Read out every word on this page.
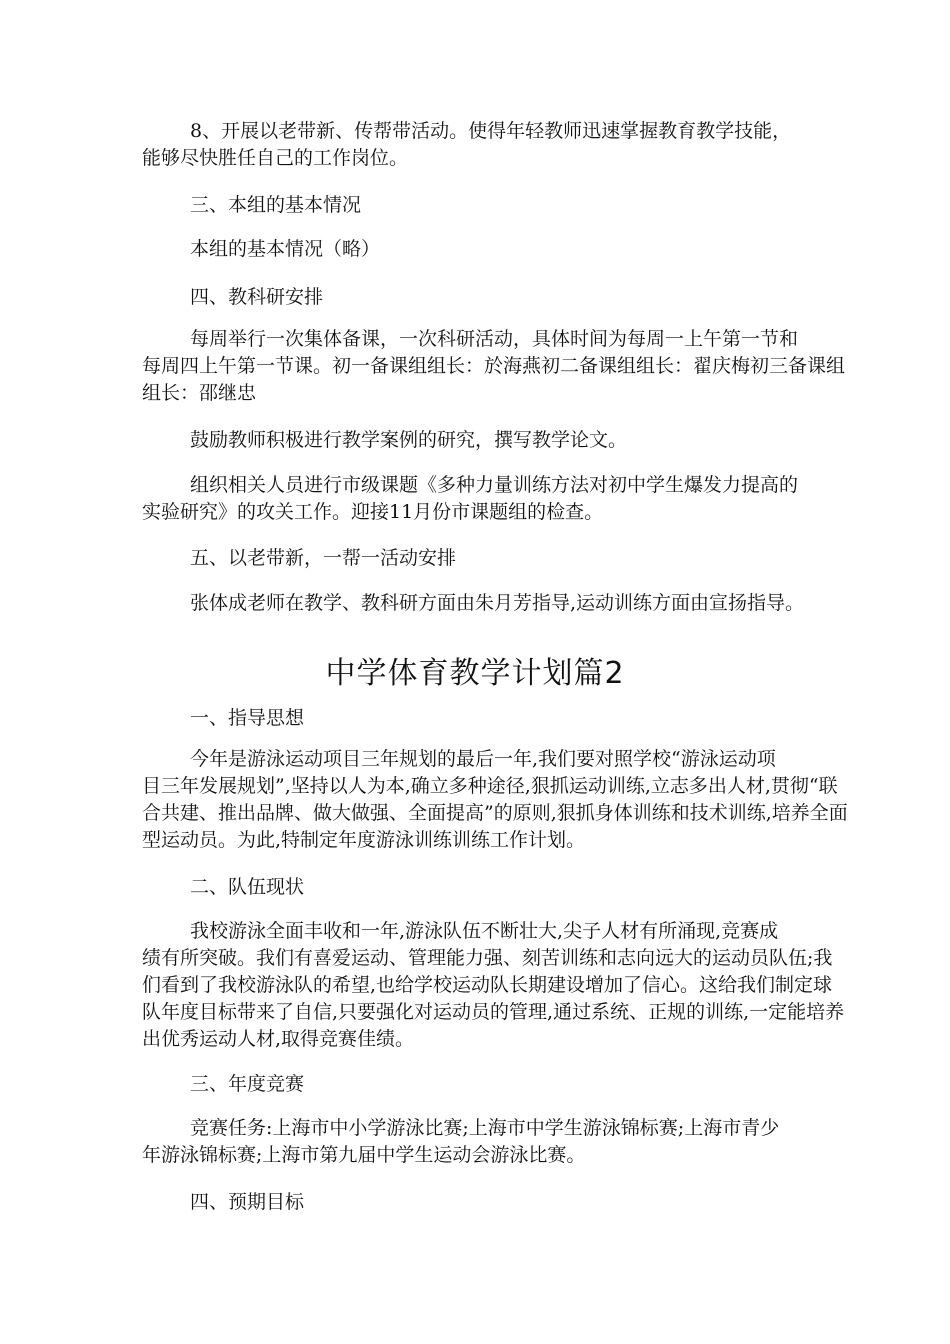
8、开展以老带新、传帮带活动。使得年轻教师迅速掌握教育教学技能，
能够尽快胜任自己的工作岗位。

三、本组的基本情况

本组的基本情况（略）

四、教科研安排

每周举行一次集体备课，一次科研活动，具体时间为每周一上午第一节和
每周四上午第一节课。初一备课组组长：於海燕初二备课组组长：翟庆梅初三备课组组长：邵继忠

鼓励教师积极进行教学案例的研究，撰写教学论文。

组织相关人员进行市级课题《多种力量训练方法对初中学生爆发力提高的
实验研究》的攻关工作。迎接11月份市课题组的检查。

五、以老带新，一帮一活动安排

张体成老师在教学、教科研方面由朱月芳指导,运动训练方面由宣扬指导。

中学体育教学计划篇2

一、指导思想

今年是游泳运动项目三年规划的最后一年,我们要对照学校“游泳运动项
目三年发展规划”,坚持以人为本,确立多种途径,狠抓运动训练,立志多出人材,贯彻“联合共建、推出品牌、做大做强、全面提高”的原则,狠抓身体训练和技术训练,培养全面型运动员。为此,特制定年度游泳训练训练工作计划。

二、队伍现状

我校游泳全面丰收和一年,游泳队伍不断壮大,尖子人材有所涌现,竞赛成
绩有所突破。我们有喜爱运动、管理能力强、刻苦训练和志向远大的运动员队伍;我们看到了我校游泳队的希望,也给学校运动队长期建设增加了信心。这给我们制定球队年度目标带来了自信,只要强化对运动员的管理,通过系统、正规的训练,一定能培养出优秀运动人材,取得竞赛佳绩。

三、年度竞赛

竞赛任务:上海市中小学游泳比赛;上海市中学生游泳锦标赛;上海市青少
年游泳锦标赛;上海市第九届中学生运动会游泳比赛。

四、预期目标
